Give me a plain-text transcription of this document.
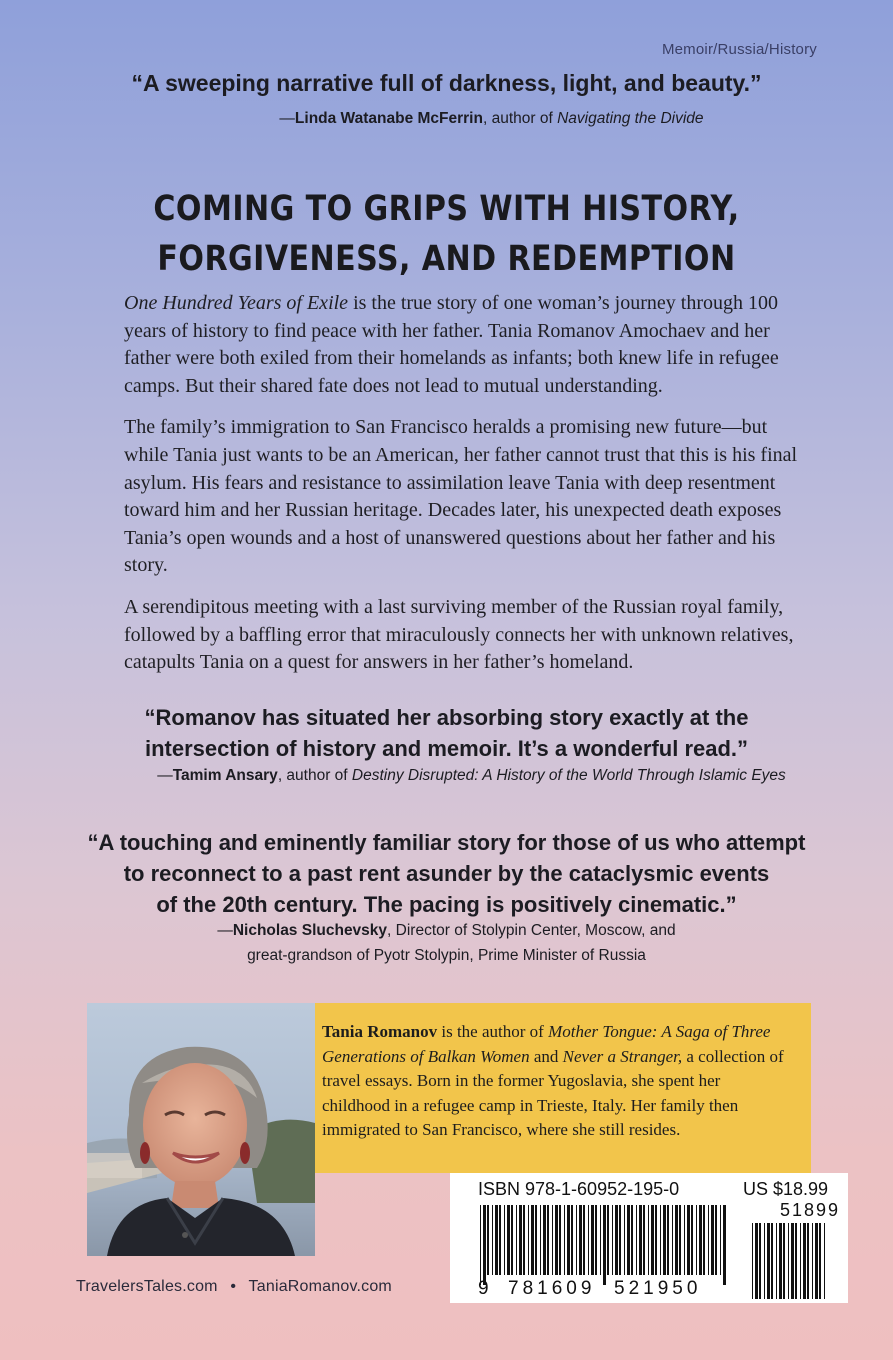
Memoir/Russia/History
“A sweeping narrative full of darkness, light, and beauty.”
—Linda Watanabe McFerrin, author of Navigating the Divide
COMING TO GRIPS WITH HISTORY,
FORGIVENESS, AND REDEMPTION

One Hundred Years of Exile is the true story of one woman’s journey through 100 years of history to find peace with her father. Tania Romanov Amochaev and her father were both exiled from their homelands as infants; both knew life in refugee camps. But their shared fate does not lead to mutual understanding.

The family’s immigration to San Francisco heralds a promising new future—but while Tania just wants to be an American, her father cannot trust that this is his final asylum. His fears and resistance to assimilation leave Tania with deep resentment toward him and her Russian heritage. Decades later, his unexpected death exposes Tania’s open wounds and a host of unanswered questions about her father and his story.

A serendipitous meeting with a last surviving member of the Russian royal family, followed by a baffling error that miraculously connects her with unknown relatives, catapults Tania on a quest for answers in her father’s homeland.

“Romanov has situated her absorbing story exactly at the
intersection of history and memoir. It’s a wonderful read.”
—Tamim Ansary, author of Destiny Disrupted: A History of the World Through Islamic Eyes
“A touching and eminently familiar story for those of us who attempt
to reconnect to a past rent asunder by the cataclysmic events
of the 20th century. The pacing is positively cinematic.”
—Nicholas Sluchevsky, Director of Stolypin Center, Moscow, and
great-grandson of Pyotr Stolypin, Prime Minister of Russia
Tania Romanov is the author of Mother Tongue: A Saga of Three Generations of Balkan Women and Never a Stranger, a collection of travel essays. Born in the former Yugoslavia, she spent her childhood in a refugee camp in Trieste, Italy. Her family then immigrated to San Francisco, where she still resides.
ISBN 978-1-60952-195-0	US $18.99
51899
9 781609 521950
TravelersTales.com • TaniaRomanov.com
